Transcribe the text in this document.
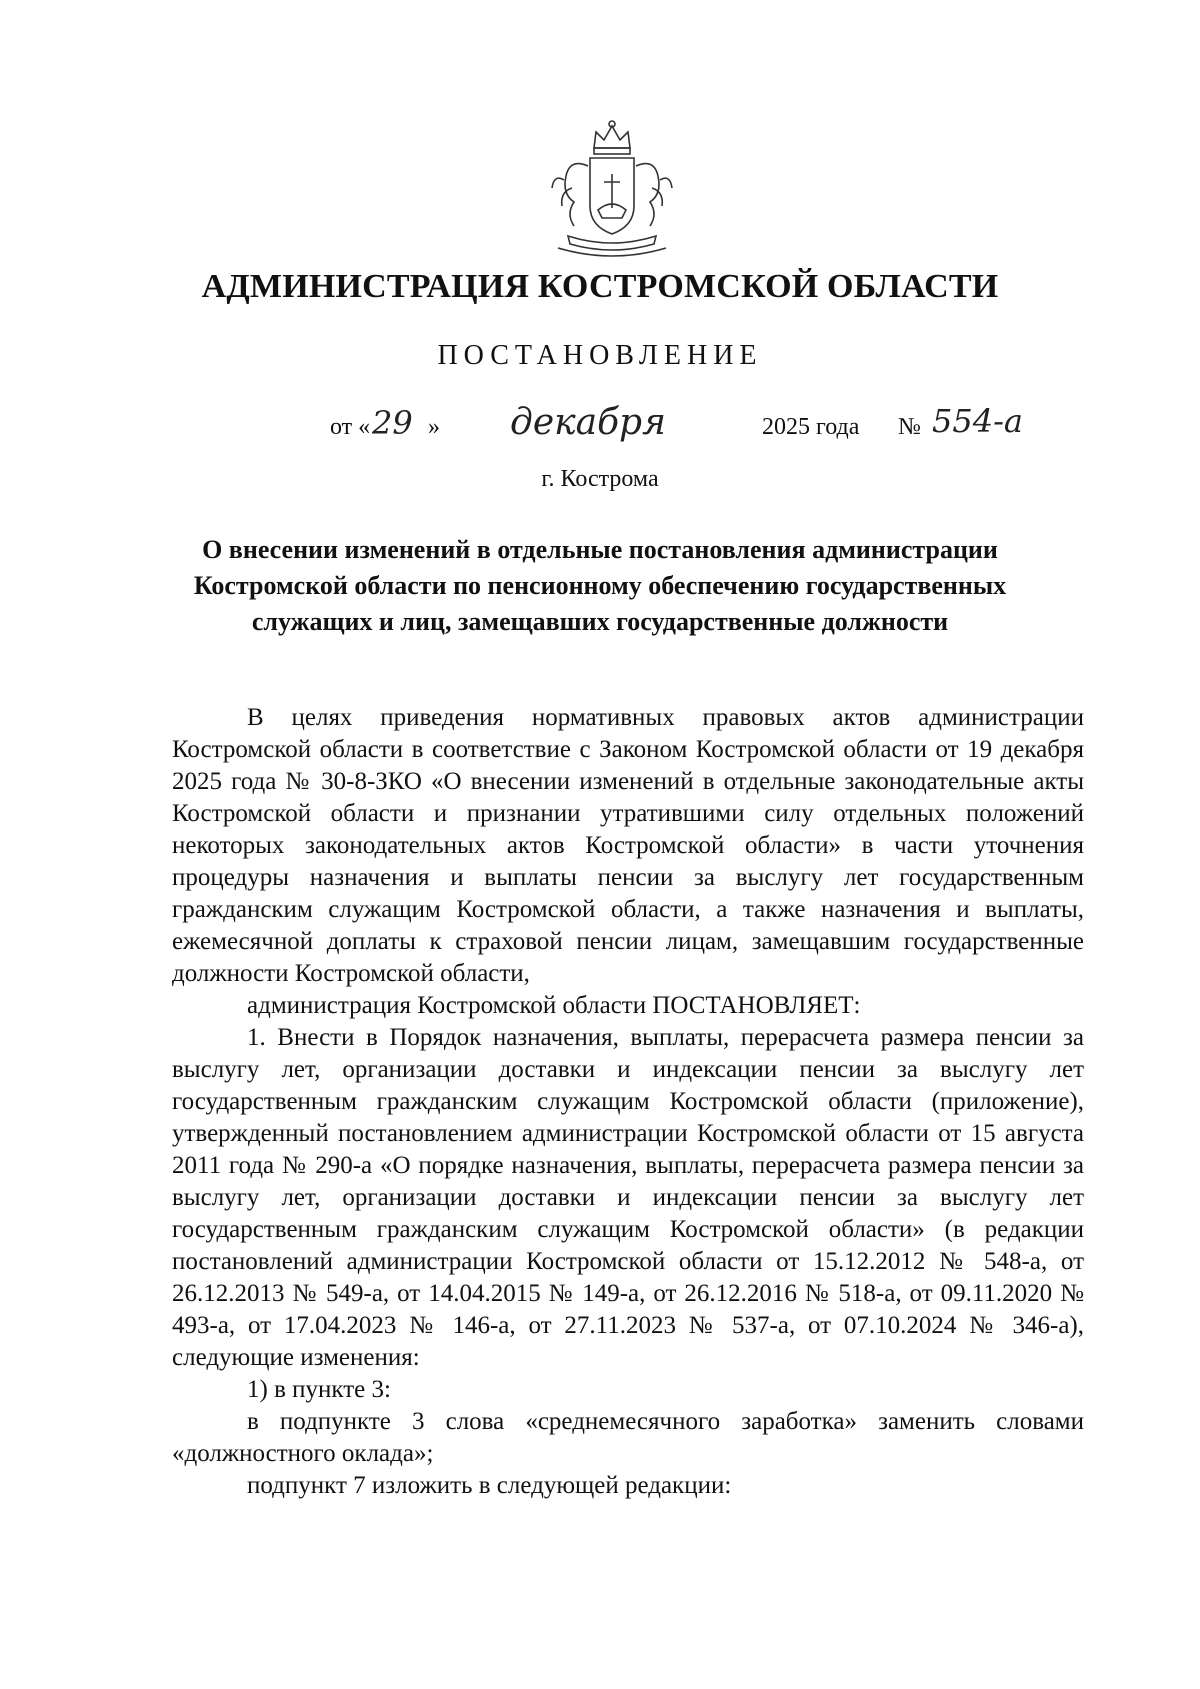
АДМИНИСТРАЦИЯ КОСТРОМСКОЙ ОБЛАСТИ
ПОСТАНОВЛЕНИЕ
от « 29 » декабря	2025 года № 554-а
г. Кострома
О внесении изменений в отдельные постановления администрации Костромской области по пенсионному обеспечению государственных служащих и лиц, замещавших государственные должности

В целях приведения нормативных правовых актов администрации Костромской области в соответствие с Законом Костромской области от 19 декабря 2025 года № 30-8-ЗКО «О внесении изменений в отдельные законодательные акты Костромской области и признании утратившими силу отдельных положений некоторых законодательных актов Костромской области» в части уточнения процедуры назначения и выплаты пенсии за выслугу лет государственным гражданским служащим Костромской области, а также назначения и выплаты, ежемесячной доплаты к страховой пенсии лицам, замещавшим государственные должности Костромской области,

администрация Костромской области ПОСТАНОВЛЯЕТ:

1. Внести в Порядок назначения, выплаты, перерасчета размера пенсии за выслугу лет, организации доставки и индексации пенсии за выслугу лет государственным гражданским служащим Костромской области (приложение), утвержденный постановлением администрации Костромской области от 15 августа 2011 года № 290-а «О порядке назначения, выплаты, перерасчета размера пенсии за выслугу лет, организации доставки и индексации пенсии за выслугу лет государственным гражданским служащим Костромской области» (в редакции постановлений администрации Костромской области от 15.12.2012 № 548-а, от 26.12.2013 № 549-а, от 14.04.2015 № 149-а, от 26.12.2016 № 518-а, от 09.11.2020 № 493-а, от 17.04.2023 № 146-а, от 27.11.2023 № 537-а, от 07.10.2024 № 346-а), следующие изменения:

1) в пункте 3:

в подпункте 3 слова «среднемесячного заработка» заменить словами «должностного оклада»;

подпункт 7 изложить в следующей редакции:
